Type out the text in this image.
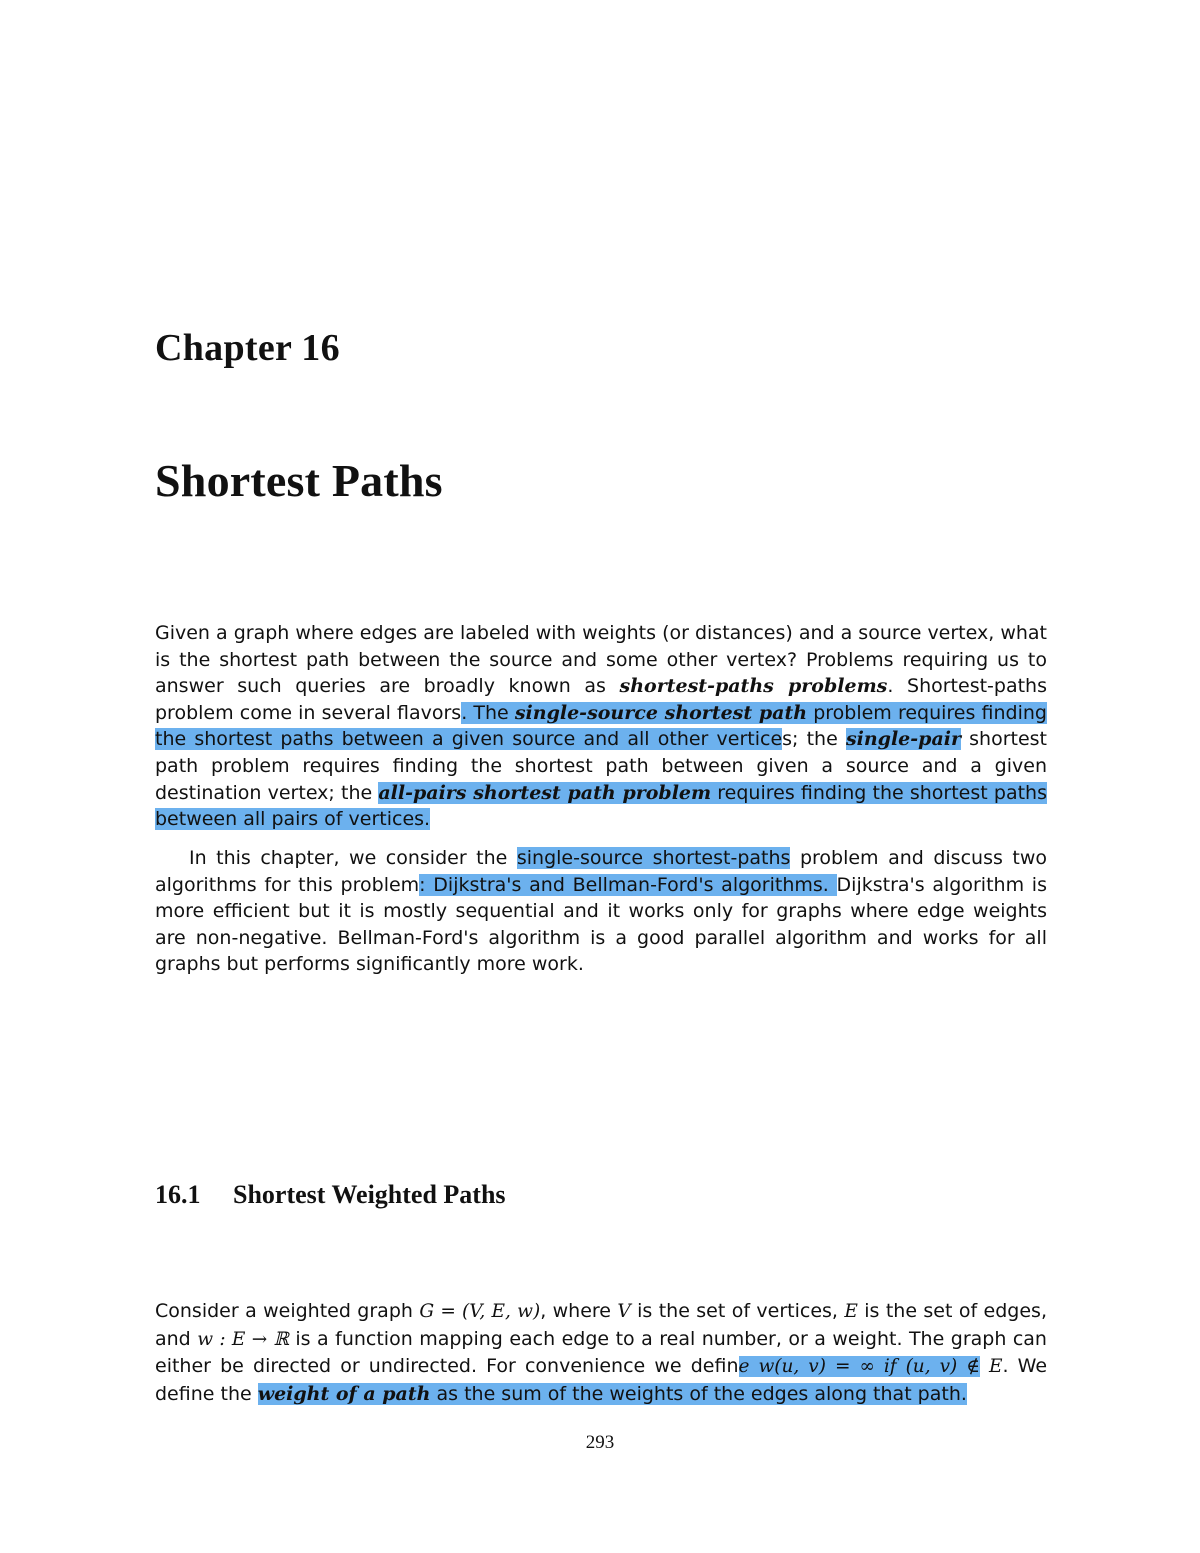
Chapter 16
Shortest Paths

Given a graph where edges are labeled with weights (or distances) and a source vertex, what is the shortest path between the source and some other vertex? Problems requiring us to answer such queries are broadly known as shortest-paths problems. Shortest-paths problem come in several flavors. The single-source shortest path problem requires finding the shortest paths between a given source and all other vertices; the single-pair shortest path problem requires finding the shortest path between given a source and a given destination vertex; the all-pairs shortest path problem requires finding the shortest paths between all pairs of vertices.

In this chapter, we consider the single-source shortest-paths problem and discuss two algorithms for this problem: Dijkstra's and Bellman-Ford's algorithms. Dijkstra's algorithm is more efficient but it is mostly sequential and it works only for graphs where edge weights are non-negative. Bellman-Ford's algorithm is a good parallel algorithm and works for all graphs but performs significantly more work.

16.1 Shortest Weighted Paths

Consider a weighted graph G = (V, E, w), where V is the set of vertices, E is the set of edges, and w : E → ℝ is a function mapping each edge to a real number, or a weight. The graph can either be directed or undirected. For convenience we define w(u, v) = ∞ if (u, v) ∉ E. We define the weight of a path as the sum of the weights of the edges along that path.

293
